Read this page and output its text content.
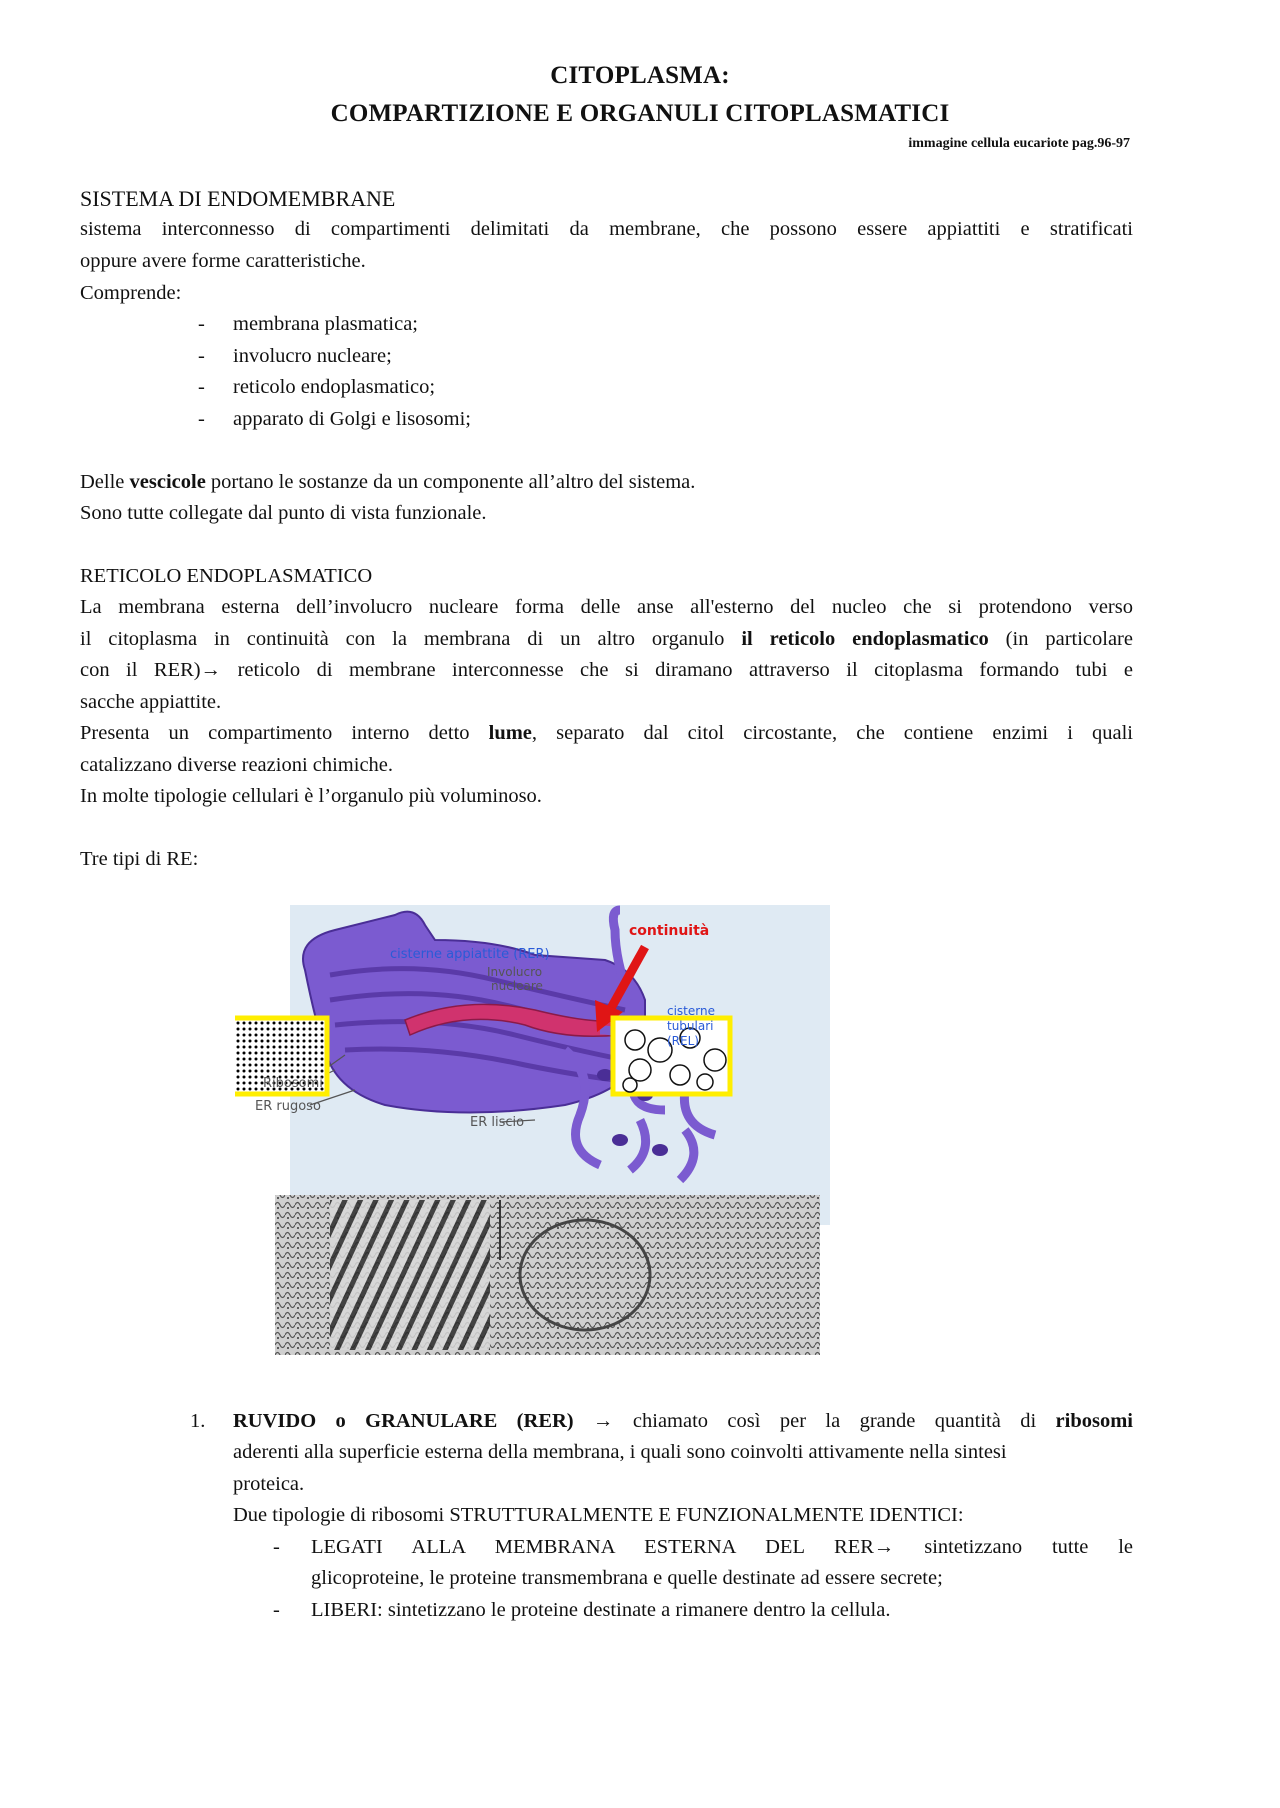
CITOPLASMA:
COMPARTIZIONE E ORGANULI CITOPLASMATICI
immagine cellula eucariote pag.96-97
SISTEMA DI ENDOMEMBRANE
sistema interconnesso di compartimenti delimitati da membrane, che possono essere appiattiti e stratificati
oppure avere forme caratteristiche.
Comprende:
- membrana plasmatica;
- involucro nucleare;
- reticolo endoplasmatico;
- apparato di Golgi e lisosomi;
Delle vescicole portano le sostanze da un componente all’altro del sistema.
Sono tutte collegate dal punto di vista funzionale.
RETICOLO ENDOPLASMATICO
La membrana esterna dell’involucro nucleare forma delle anse all'esterno del nucleo che si protendono verso
il citoplasma in continuità con la membrana di un altro organulo il reticolo endoplasmatico (in particolare
con il RER)→ reticolo di membrane interconnesse che si diramano attraverso il citoplasma formando tubi e
sacche appiattite.
Presenta un compartimento interno detto lume, separato dal citol circostante, che contiene enzimi i quali
catalizzano diverse reazioni chimiche.
In molte tipologie cellulari è l’organulo più voluminoso.
Tre tipi di RE:
cisterne appiattite (RER)
Involucro
nucleare
continuità
cisterne
tubulari
(REL)
Ribosomi
ER rugoso
ER liscio
1. RUVIDO o GRANULARE (RER) → chiamato così per la grande quantità di ribosomi
aderenti alla superficie esterna della membrana, i quali sono coinvolti attivamente nella sintesi
proteica.
Due tipologie di ribosomi STRUTTURALMENTE E FUNZIONALMENTE IDENTICI:
- LEGATI ALLA MEMBRANA ESTERNA DEL RER→ sintetizzano tutte le
glicoproteine, le proteine transmembrana e quelle destinate ad essere secrete;
- LIBERI: sintetizzano le proteine destinate a rimanere dentro la cellula.
